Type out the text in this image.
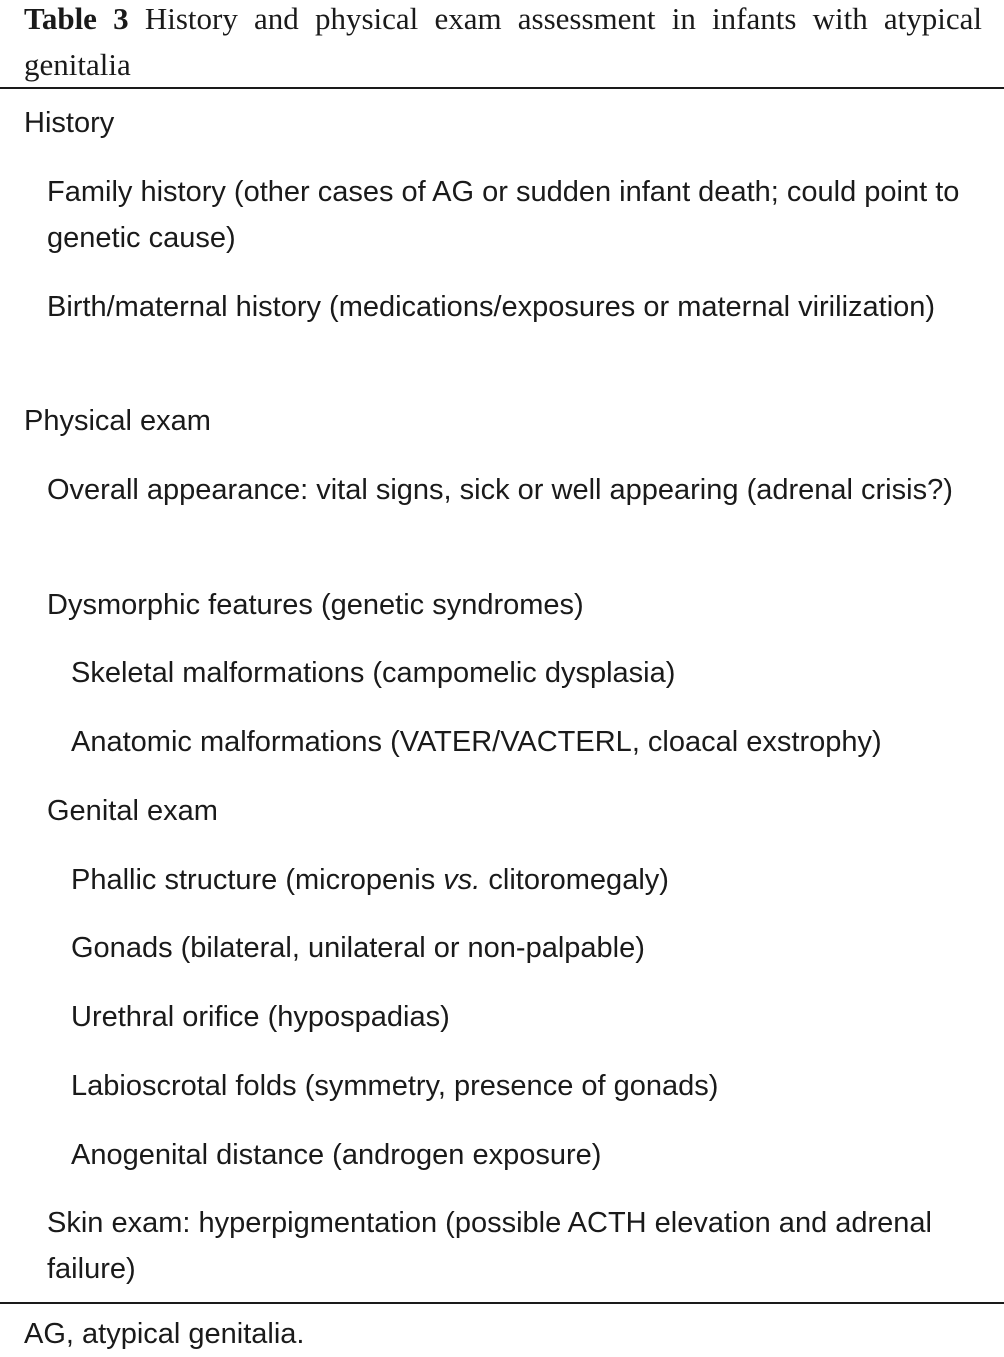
Table 3 History and physical exam assessment in infants with atypical genitalia

History
Family history (other cases of AG or sudden infant death; could point to genetic cause)
Birth/maternal history (medications/exposures or maternal virilization)
Physical exam
Overall appearance: vital signs, sick or well appearing (adrenal crisis?)
Dysmorphic features (genetic syndromes)
Skeletal malformations (campomelic dysplasia)
Anatomic malformations (VATER/VACTERL, cloacal exstrophy)
Genital exam
Phallic structure (micropenis vs. clitoromegaly)
Gonads (bilateral, unilateral or non-palpable)
Urethral orifice (hypospadias)
Labioscrotal folds (symmetry, presence of gonads)
Anogenital distance (androgen exposure)
Skin exam: hyperpigmentation (possible ACTH elevation and adrenal failure)

AG, atypical genitalia.
